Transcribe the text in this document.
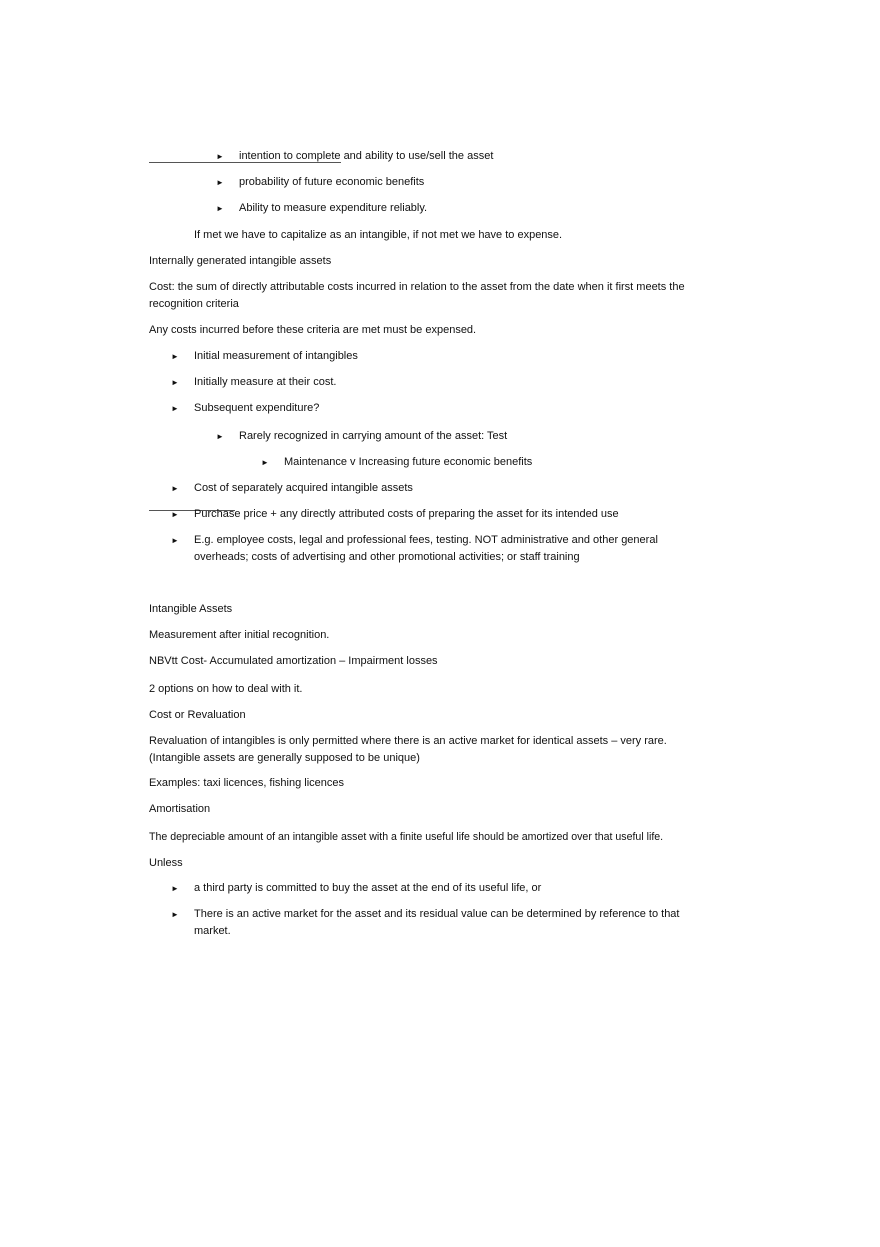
► intention to complete and ability to use/sell the asset
► probability of future economic benefits
► Ability to measure expenditure reliably.
If met we have to capitalize as an intangible, if not met we have to expense.
Internally generated intangible assets
Cost: the sum of directly attributable costs incurred in relation to the asset from the date when it first meets the recognition criteria
Any costs incurred before these criteria are met must be expensed.
► Initial measurement of intangibles
► Initially measure at their cost.
► Subsequent expenditure?
► Rarely recognized in carrying amount of the asset: Test
► Maintenance v Increasing future economic benefits
► Cost of separately acquired intangible assets
► Purchase price + any directly attributed costs of preparing the asset for its intended use
► E.g. employee costs, legal and professional fees, testing. NOT administrative and other general overheads; costs of advertising and other promotional activities; or staff training
Intangible Assets
Measurement after initial recognition.
NBVtt Cost- Accumulated amortization – Impairment losses
2 options on how to deal with it.
Cost or Revaluation
Revaluation of intangibles is only permitted where there is an active market for identical assets – very rare. (Intangible assets are generally supposed to be unique)
Examples: taxi licences, fishing licences
Amortisation
The depreciable amount of an intangible asset with a finite useful life should be amortized over that useful life.
Unless
► a third party is committed to buy the asset at the end of its useful life, or
► There is an active market for the asset and its residual value can be determined by reference to that market.
